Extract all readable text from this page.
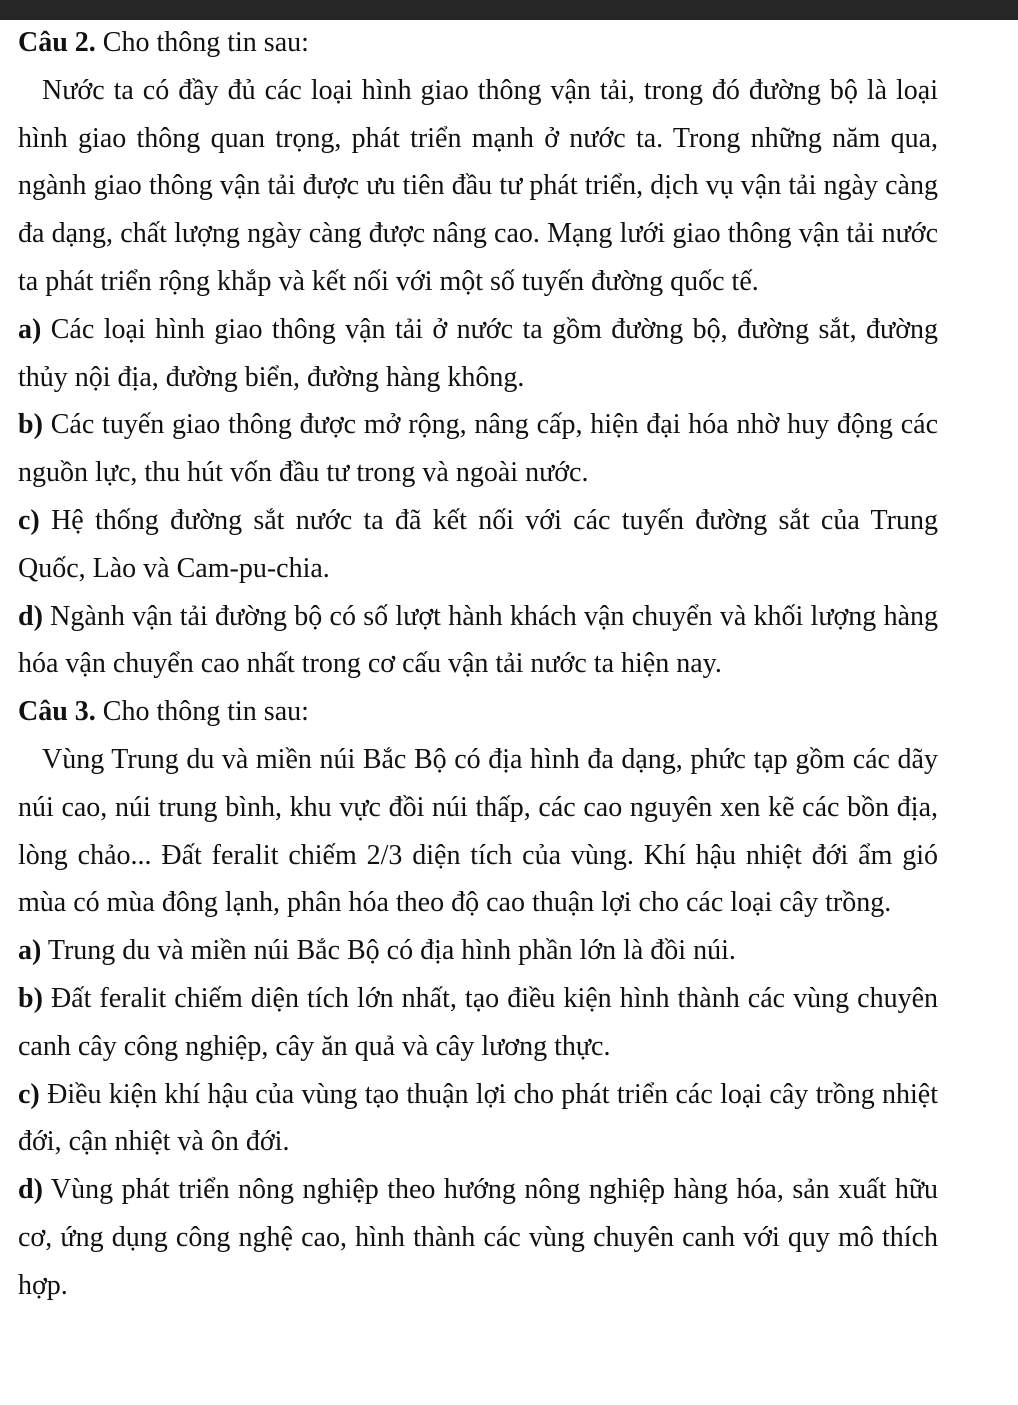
Câu 2. Cho thông tin sau:

Nước ta có đầy đủ các loại hình giao thông vận tải, trong đó đường bộ là loại hình giao thông quan trọng, phát triển mạnh ở nước ta. Trong những năm qua, ngành giao thông vận tải được ưu tiên đầu tư phát triển, dịch vụ vận tải ngày càng đa dạng, chất lượng ngày càng được nâng cao. Mạng lưới giao thông vận tải nước ta phát triển rộng khắp và kết nối với một số tuyến đường quốc tế.

a) Các loại hình giao thông vận tải ở nước ta gồm đường bộ, đường sắt, đường thủy nội địa, đường biển, đường hàng không.

b) Các tuyến giao thông được mở rộng, nâng cấp, hiện đại hóa nhờ huy động các nguồn lực, thu hút vốn đầu tư trong và ngoài nước.

c) Hệ thống đường sắt nước ta đã kết nối với các tuyến đường sắt của Trung Quốc, Lào và Cam-pu-chia.

d) Ngành vận tải đường bộ có số lượt hành khách vận chuyển và khối lượng hàng hóa vận chuyển cao nhất trong cơ cấu vận tải nước ta hiện nay.

Câu 3. Cho thông tin sau:

Vùng Trung du và miền núi Bắc Bộ có địa hình đa dạng, phức tạp gồm các dãy núi cao, núi trung bình, khu vực đồi núi thấp, các cao nguyên xen kẽ các bồn địa, lòng chảo... Đất feralit chiếm 2/3 diện tích của vùng. Khí hậu nhiệt đới ẩm gió mùa có mùa đông lạnh, phân hóa theo độ cao thuận lợi cho các loại cây trồng.

a) Trung du và miền núi Bắc Bộ có địa hình phần lớn là đồi núi.

b) Đất feralit chiếm diện tích lớn nhất, tạo điều kiện hình thành các vùng chuyên canh cây công nghiệp, cây ăn quả và cây lương thực.

c) Điều kiện khí hậu của vùng tạo thuận lợi cho phát triển các loại cây trồng nhiệt đới, cận nhiệt và ôn đới.

d) Vùng phát triển nông nghiệp theo hướng nông nghiệp hàng hóa, sản xuất hữu cơ, ứng dụng công nghệ cao, hình thành các vùng chuyên canh với quy mô thích hợp.
